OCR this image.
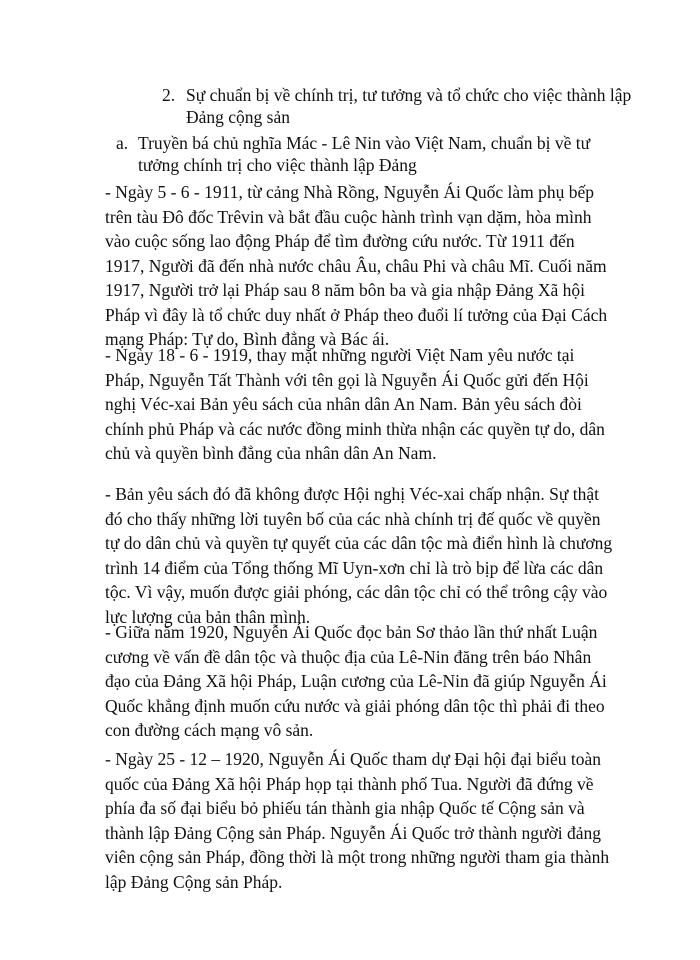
2. Sự chuẩn bị về chính trị, tư tưởng và tổ chức cho việc thành lập Đảng cộng sản
a. Truyền bá chủ nghĩa Mác - Lê Nin vào Việt Nam, chuẩn bị về tư tưởng chính trị cho việc thành lập Đảng

- Ngày 5 - 6 - 1911, từ cảng Nhà Rồng, Nguyễn Ái Quốc làm phụ bếp trên tàu Đô đốc Trêvin và bắt đầu cuộc hành trình vạn dặm, hòa mình vào cuộc sống lao động Pháp để tìm đường cứu nước. Từ 1911 đến 1917, Người đã đến nhà nước châu Âu, châu Phi và châu Mĩ. Cuối năm 1917, Người trở lại Pháp sau 8 năm bôn ba và gia nhập Đảng Xã hội Pháp vì đây là tổ chức duy nhất ở Pháp theo đuổi lí tưởng của Đại Cách mạng Pháp: Tự do, Bình đẳng và Bác ái.

- Ngày 18 - 6 - 1919, thay mặt những người Việt Nam yêu nước tại Pháp, Nguyễn Tất Thành với tên gọi là Nguyễn Ái Quốc gửi đến Hội nghị Véc-xai Bản yêu sách của nhân dân An Nam. Bản yêu sách đòi chính phủ Pháp và các nước đồng minh thừa nhận các quyền tự do, dân chủ và quyền bình đẳng của nhân dân An Nam.

- Bản yêu sách đó đã không được Hội nghị Véc-xai chấp nhận. Sự thật đó cho thấy những lời tuyên bố của các nhà chính trị đế quốc về quyền tự do dân chủ và quyền tự quyết của các dân tộc mà điển hình là chương trình 14 điểm của Tổng thống Mĩ Uyn-xơn chỉ là trò bịp để lừa các dân tộc. Vì vậy, muốn được giải phóng, các dân tộc chỉ có thể trông cậy vào lực lượng của bản thân mình.

- Giữa năm 1920, Nguyễn Ái Quốc đọc bản Sơ thảo lần thứ nhất Luận cương về vấn đề dân tộc và thuộc địa của Lê-Nin đăng trên báo Nhân đạo của Đảng Xã hội Pháp, Luận cương của Lê-Nin đã giúp Nguyễn Ái Quốc khẳng định muốn cứu nước và giải phóng dân tộc thì phải đi theo con đường cách mạng vô sản.

- Ngày 25 - 12 – 1920, Nguyễn Ái Quốc tham dự Đại hội đại biểu toàn quốc của Đảng Xã hội Pháp họp tại thành phố Tua. Người đã đứng về phía đa số đại biểu bỏ phiếu tán thành gia nhập Quốc tế Cộng sản và thành lập Đảng Cộng sản Pháp. Nguyễn Ái Quốc trở thành người đảng viên cộng sản Pháp, đồng thời là một trong những người tham gia thành lập Đảng Cộng sản Pháp.
